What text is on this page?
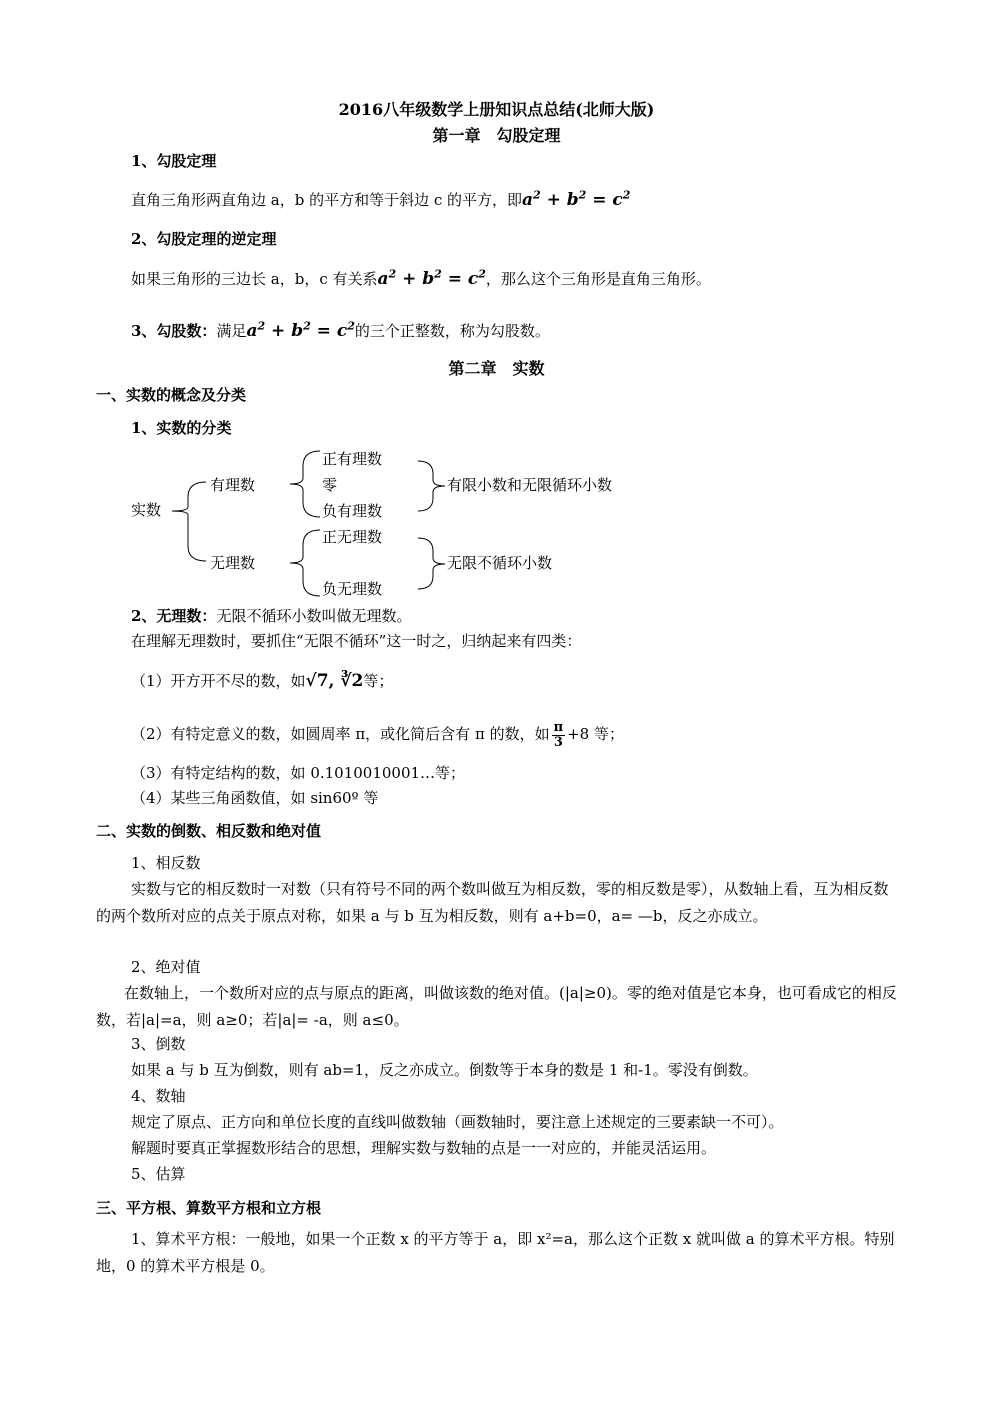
2016八年级数学上册知识点总结(北师大版)
第一章　勾股定理
1、勾股定理
直角三角形两直角边 a，b 的平方和等于斜边 c 的平方，即$a^2 + b^2 = c^2$
2、勾股定理的逆定理
如果三角形的三边长 a，b，c 有关系$a^2 + b^2 = c^2$，那么这个三角形是直角三角形。
3、勾股数：满足$a^2 + b^2 = c^2$的三个正整数，称为勾股数。
第二章　实数
一、实数的概念及分类
1、实数的分类
实数
有理数
无理数
正有理数
零
负有理数
正无理数
负无理数
有限小数和无限循环小数
无限不循环小数
2、无理数：无限不循环小数叫做无理数。
在理解无理数时，要抓住“无限不循环”这一时之，归纳起来有四类：
（1）开方开不尽的数，如√7, ∛2等；
（2）有特定意义的数，如圆周率 π，或化简后含有 π 的数，如 $\frac{\pi}{3} +8$ 等；
（3）有特定结构的数，如 0.1010010001…等；
（4）某些三角函数值，如 sin60º 等
二、实数的倒数、相反数和绝对值
1、相反数
实数与它的相反数时一对数（只有符号不同的两个数叫做互为相反数，零的相反数是零），从数轴上看，互为相反数的两个数所对应的点关于原点对称，如果 a 与 b 互为相反数，则有 a+b=0，a= —b，反之亦成立。
2、绝对值
在数轴上，一个数所对应的点与原点的距离，叫做该数的绝对值。(|a|≥0)。零的绝对值是它本身，也可看成它的相反数，若|a|=a，则 a≥0；若|a|= -a，则 a≤0。
3、倒数
如果 a 与 b 互为倒数，则有 ab=1，反之亦成立。倒数等于本身的数是 1 和-1。零没有倒数。
4、数轴
规定了原点、正方向和单位长度的直线叫做数轴（画数轴时，要注意上述规定的三要素缺一不可）。
解题时要真正掌握数形结合的思想，理解实数与数轴的点是一一对应的，并能灵活运用。
5、估算
三、平方根、算数平方根和立方根
1、算术平方根：一般地，如果一个正数 x 的平方等于 a，即 x²=a，那么这个正数 x 就叫做 a 的算术平方根。特别地，0 的算术平方根是 0。
